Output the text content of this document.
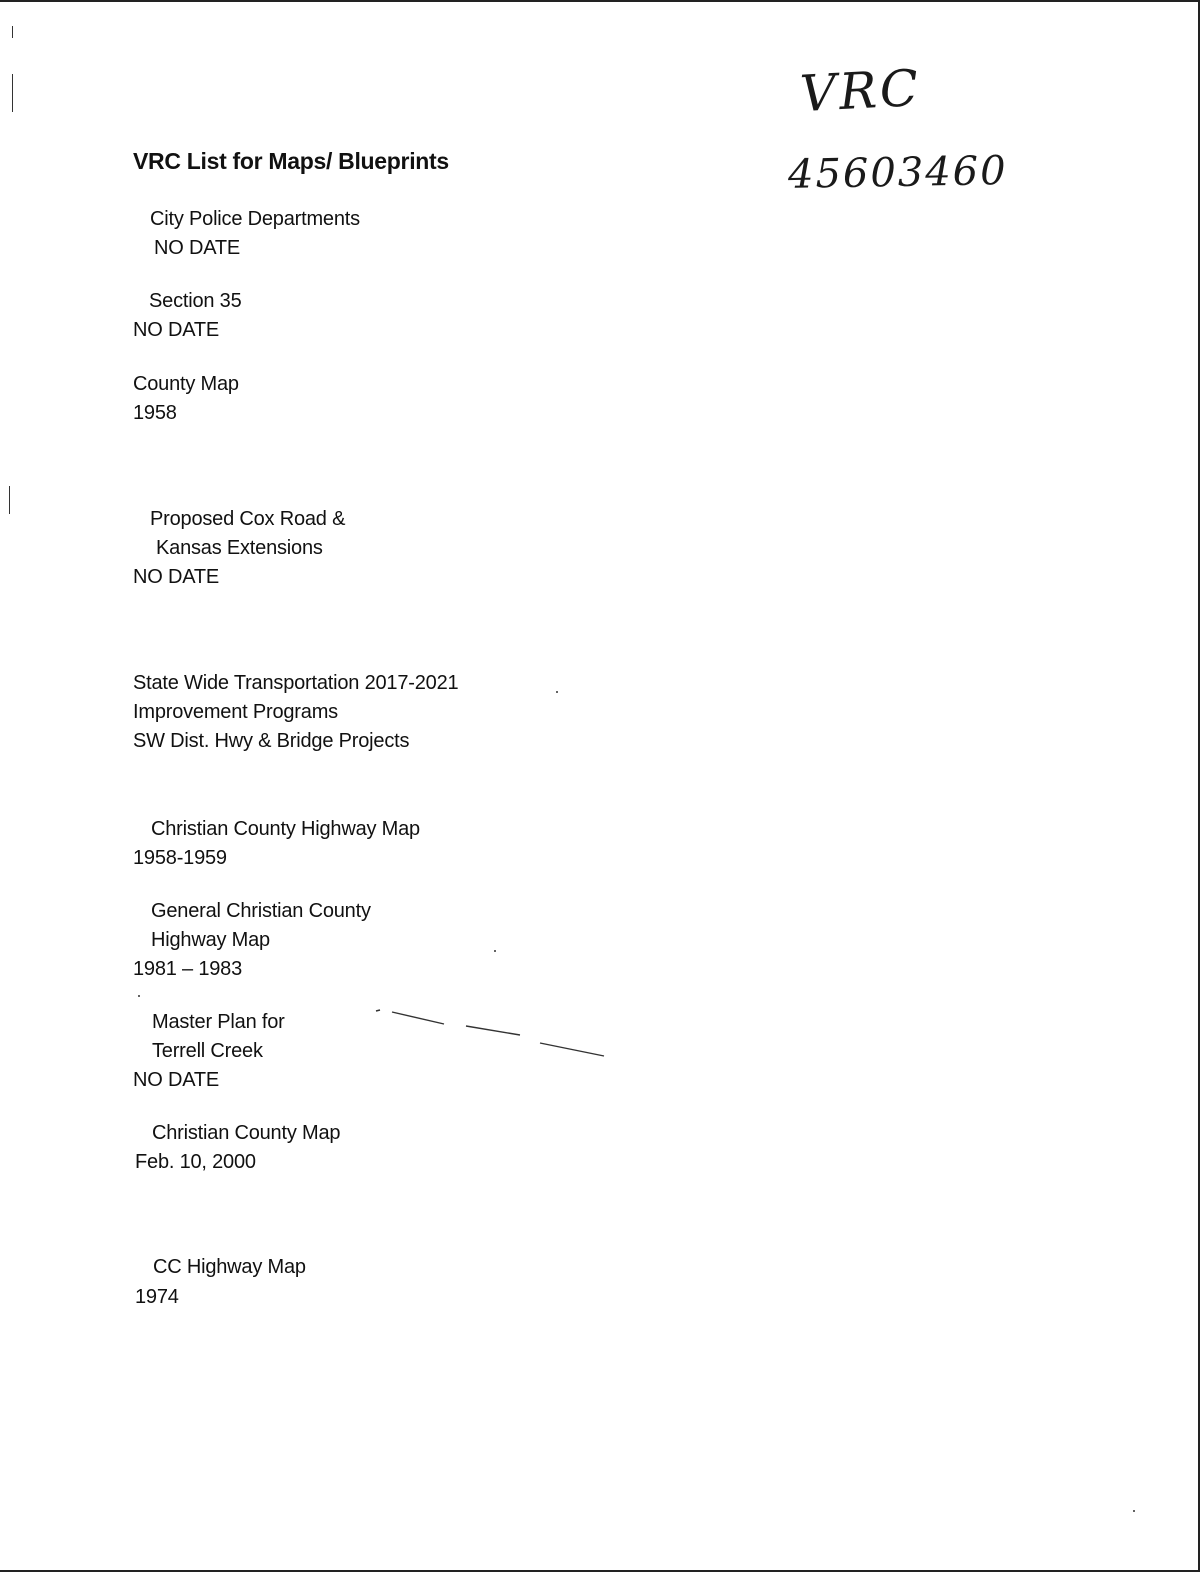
VRC
45603460
VRC List for Maps/ Blueprints
City Police Departments
NO DATE
Section 35
NO DATE
County Map
1958
Proposed Cox Road &
Kansas Extensions
NO DATE
State Wide Transportation 2017-2021
Improvement Programs
SW Dist. Hwy & Bridge Projects
Christian County Highway Map
1958-1959
General Christian County
Highway Map
1981 – 1983
Master Plan for
Terrell Creek
NO DATE
Christian County Map
Feb. 10, 2000
CC Highway Map
1974
